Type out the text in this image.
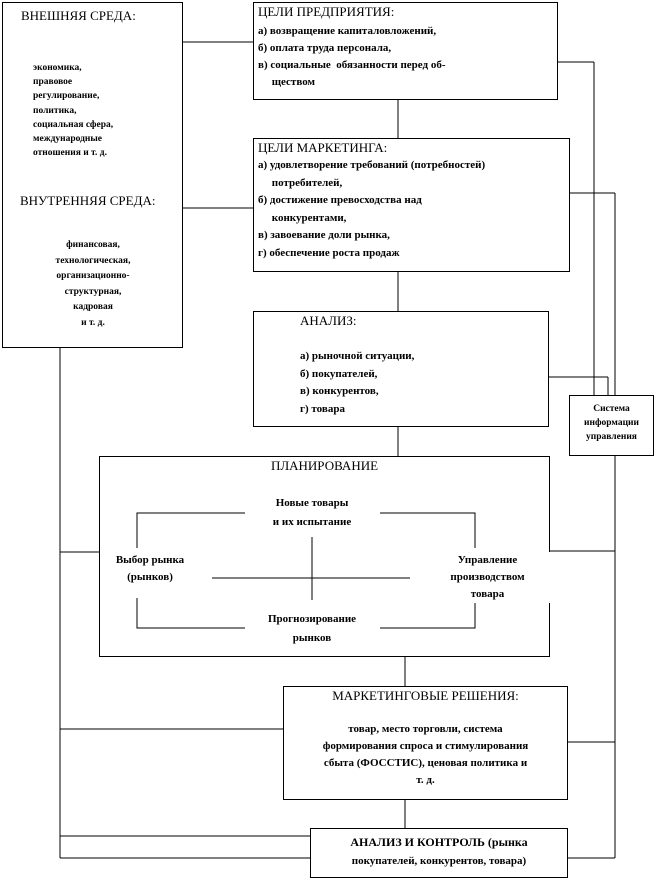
ВНЕШНЯЯ СРЕДА:
экономика,
правовое
регулирование,
политика,
социальная сфера,
международные
отношения и т. д.
ВНУТРЕННЯЯ СРЕДА:
финансовая,
технологическая,
организационно-
структурная,
кадровая
и т. д.
ЦЕЛИ ПРЕДПРИЯТИЯ:
а) возвращение капиталовложений,
б) оплата труда персонала,
в) социальные  обязанности перед об-
ществом
ЦЕЛИ МАРКЕТИНГА:
а) удовлетворение требований (потребностей)
потребителей,
б) достижение превосходства над
конкурентами,
в) завоевание доли рынка,
г) обеспечение роста продаж
АНАЛИЗ:
а) рыночной ситуации,
б) покупателей,
в) конкурентов,
г) товара
ПЛАНИРОВАНИЕ
Новые товары
и их испытание
Выбор рынка
(рынков)
Управление
производством
товара
Прогнозирование
рынков
МАРКЕТИНГОВЫЕ РЕШЕНИЯ:
товар, место торговли, система
формирования спроса и стимулирования
сбыта (ФОССТИС), ценовая политика и
т. д.
АНАЛИЗ И КОНТРОЛЬ (рынка
покупателей, конкурентов, товара)
Система
информации
управления
